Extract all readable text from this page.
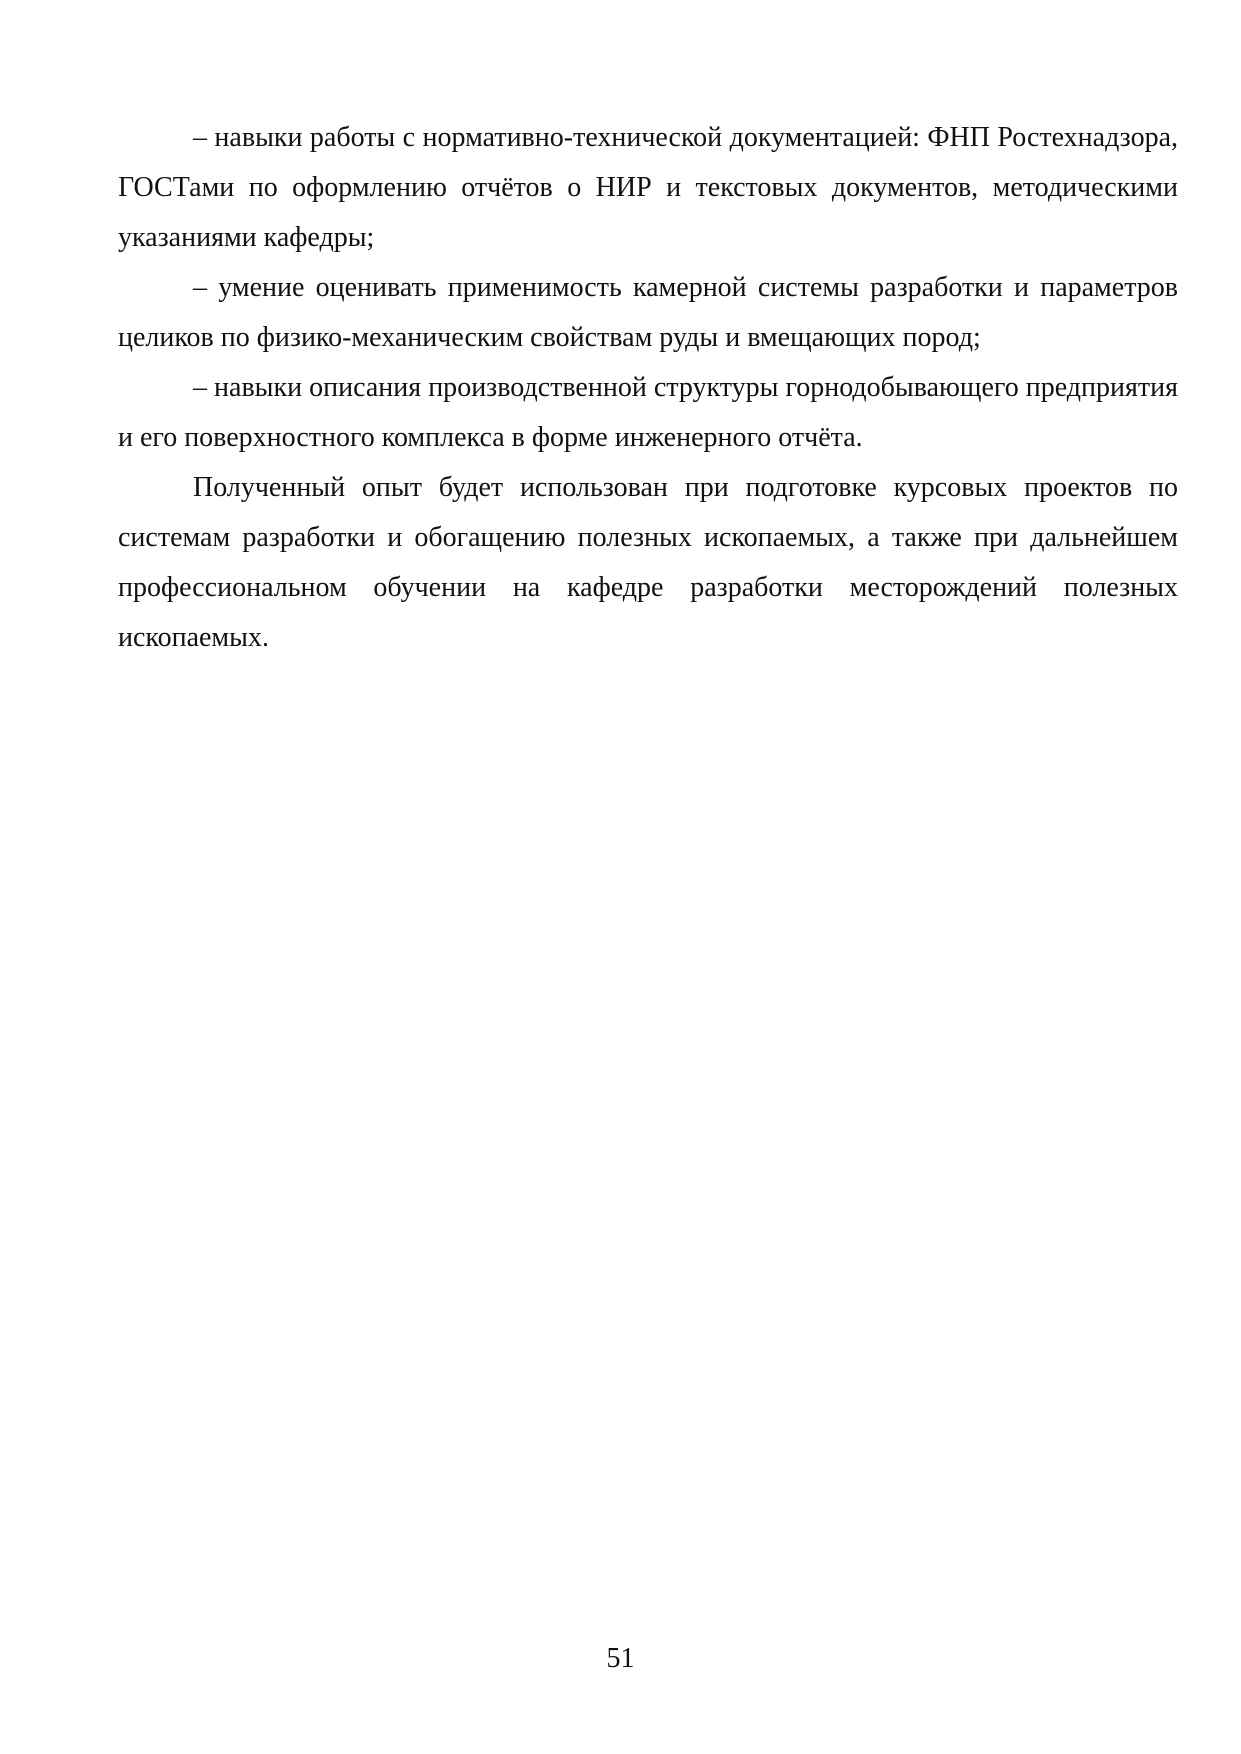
– навыки работы с нормативно-технической документацией: ФНП Ростехнадзора, ГОСТами по оформлению отчётов о НИР и текстовых документов, методическими указаниями кафедры;

– умение оценивать применимость камерной системы разработки и параметров целиков по физико-механическим свойствам руды и вмещающих пород;

– навыки описания производственной структуры горнодобывающего предприятия и его поверхностного комплекса в форме инженерного отчёта.

Полученный опыт будет использован при подготовке курсовых проектов по системам разработки и обогащению полезных ископаемых, а также при дальнейшем профессиональном обучении на кафедре разработки месторождений полезных ископаемых.

51
